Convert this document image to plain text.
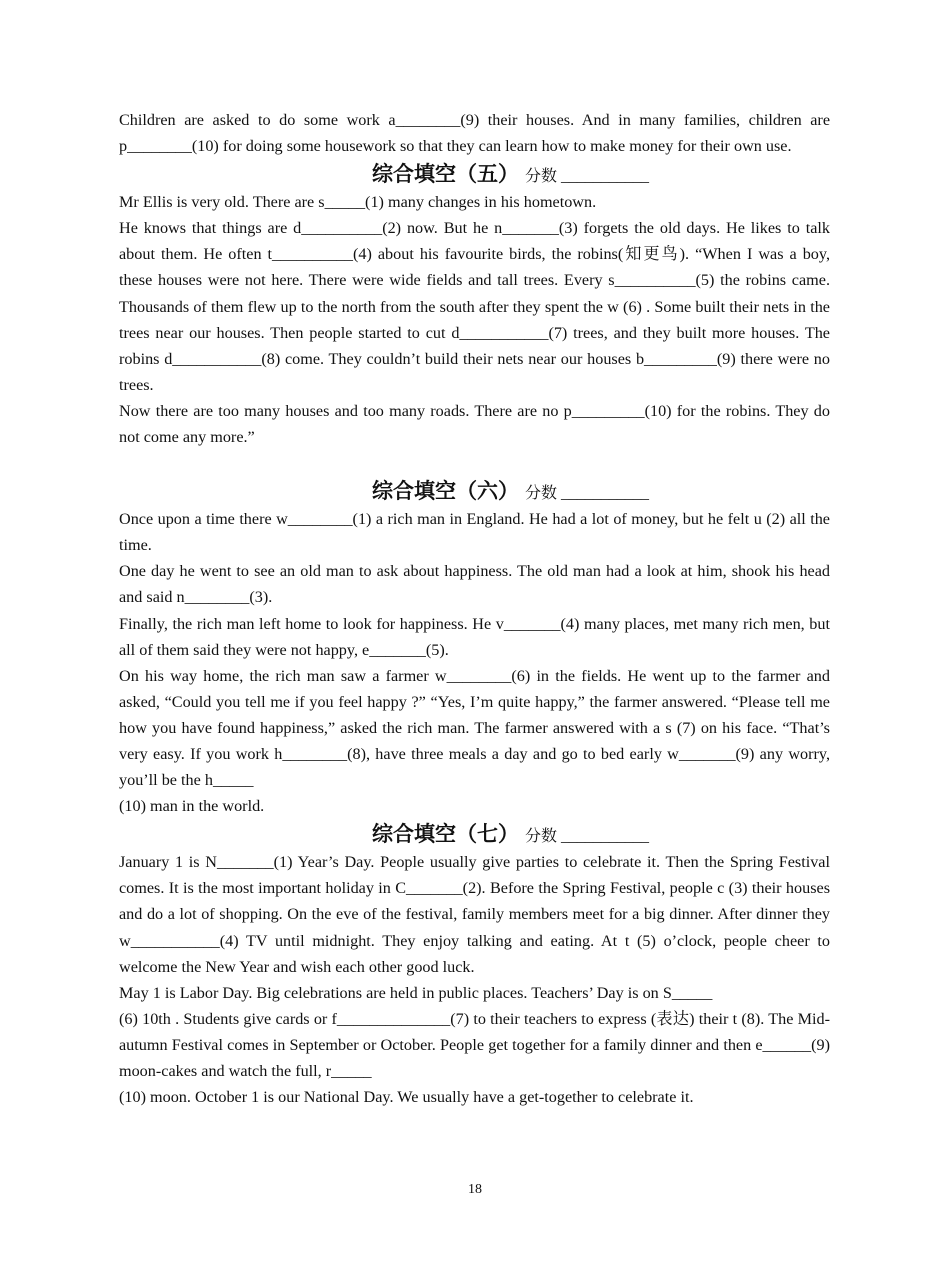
Children are asked to do some work a________(9) their houses. And in many families, children are p________(10) for doing some housework so that they can learn how to make money for their own use.

综合填空（五） 分数 ___________

Mr Ellis is very old. There are s_____(1) many changes in his hometown.

He knows that things are d__________(2) now. But he n_______(3) forgets the old days. He likes to talk about them. He often t__________(4) about his favourite birds, the robins(知更鸟). “When I was a boy, these houses were not here. There were wide fields and tall trees. Every s__________(5) the robins came. Thousands of them flew up to the north from the south after they spent the w (6) . Some built their nets in the trees near our houses. Then people started to cut d___________(7) trees, and they built more houses. The robins d___________(8) come. They couldn’t build their nets near our houses b_________(9) there were no trees.

Now there are too many houses and too many roads. There are no p_________(10) for the robins. They do not come any more.”

综合填空（六） 分数 ___________

Once upon a time there w________(1) a rich man in England. He had a lot of money, but he felt u (2) all the time.

One day he went to see an old man to ask about happiness. The old man had a look at him, shook his head and said n________(3).

Finally, the rich man left home to look for happiness. He v_______(4) many places, met many rich men, but all of them said they were not happy, e_______(5).

On his way home, the rich man saw a farmer w________(6) in the fields. He went up to the farmer and asked, “Could you tell me if you feel happy ?” “Yes, I’m quite happy,” the farmer answered. “Please tell me how you have found happiness,” asked the rich man. The farmer answered with a s (7) on his face. “That’s very easy. If you work h________(8), have three meals a day and go to bed early w_______(9) any worry, you’ll be the h_____

(10) man in the world.

综合填空（七） 分数 ___________

January 1 is N_______(1) Year’s Day. People usually give parties to celebrate it. Then the Spring Festival comes. It is the most important holiday in C_______(2). Before the Spring Festival, people c (3) their houses and do a lot of shopping. On the eve of the festival, family members meet for a big dinner. After dinner they w___________(4) TV until midnight. They enjoy talking and eating. At t (5) o’clock, people cheer to welcome the New Year and wish each other good luck.

May 1 is Labor Day. Big celebrations are held in public places. Teachers’ Day is on S_____

(6) 10th . Students give cards or f______________(7) to their teachers to express (表达) their t (8). The Mid-autumn Festival comes in September or October. People get together for a family dinner and then e______(9) moon-cakes and watch the full, r_____

(10) moon. October 1 is our National Day. We usually have a get-together to celebrate it.

18
